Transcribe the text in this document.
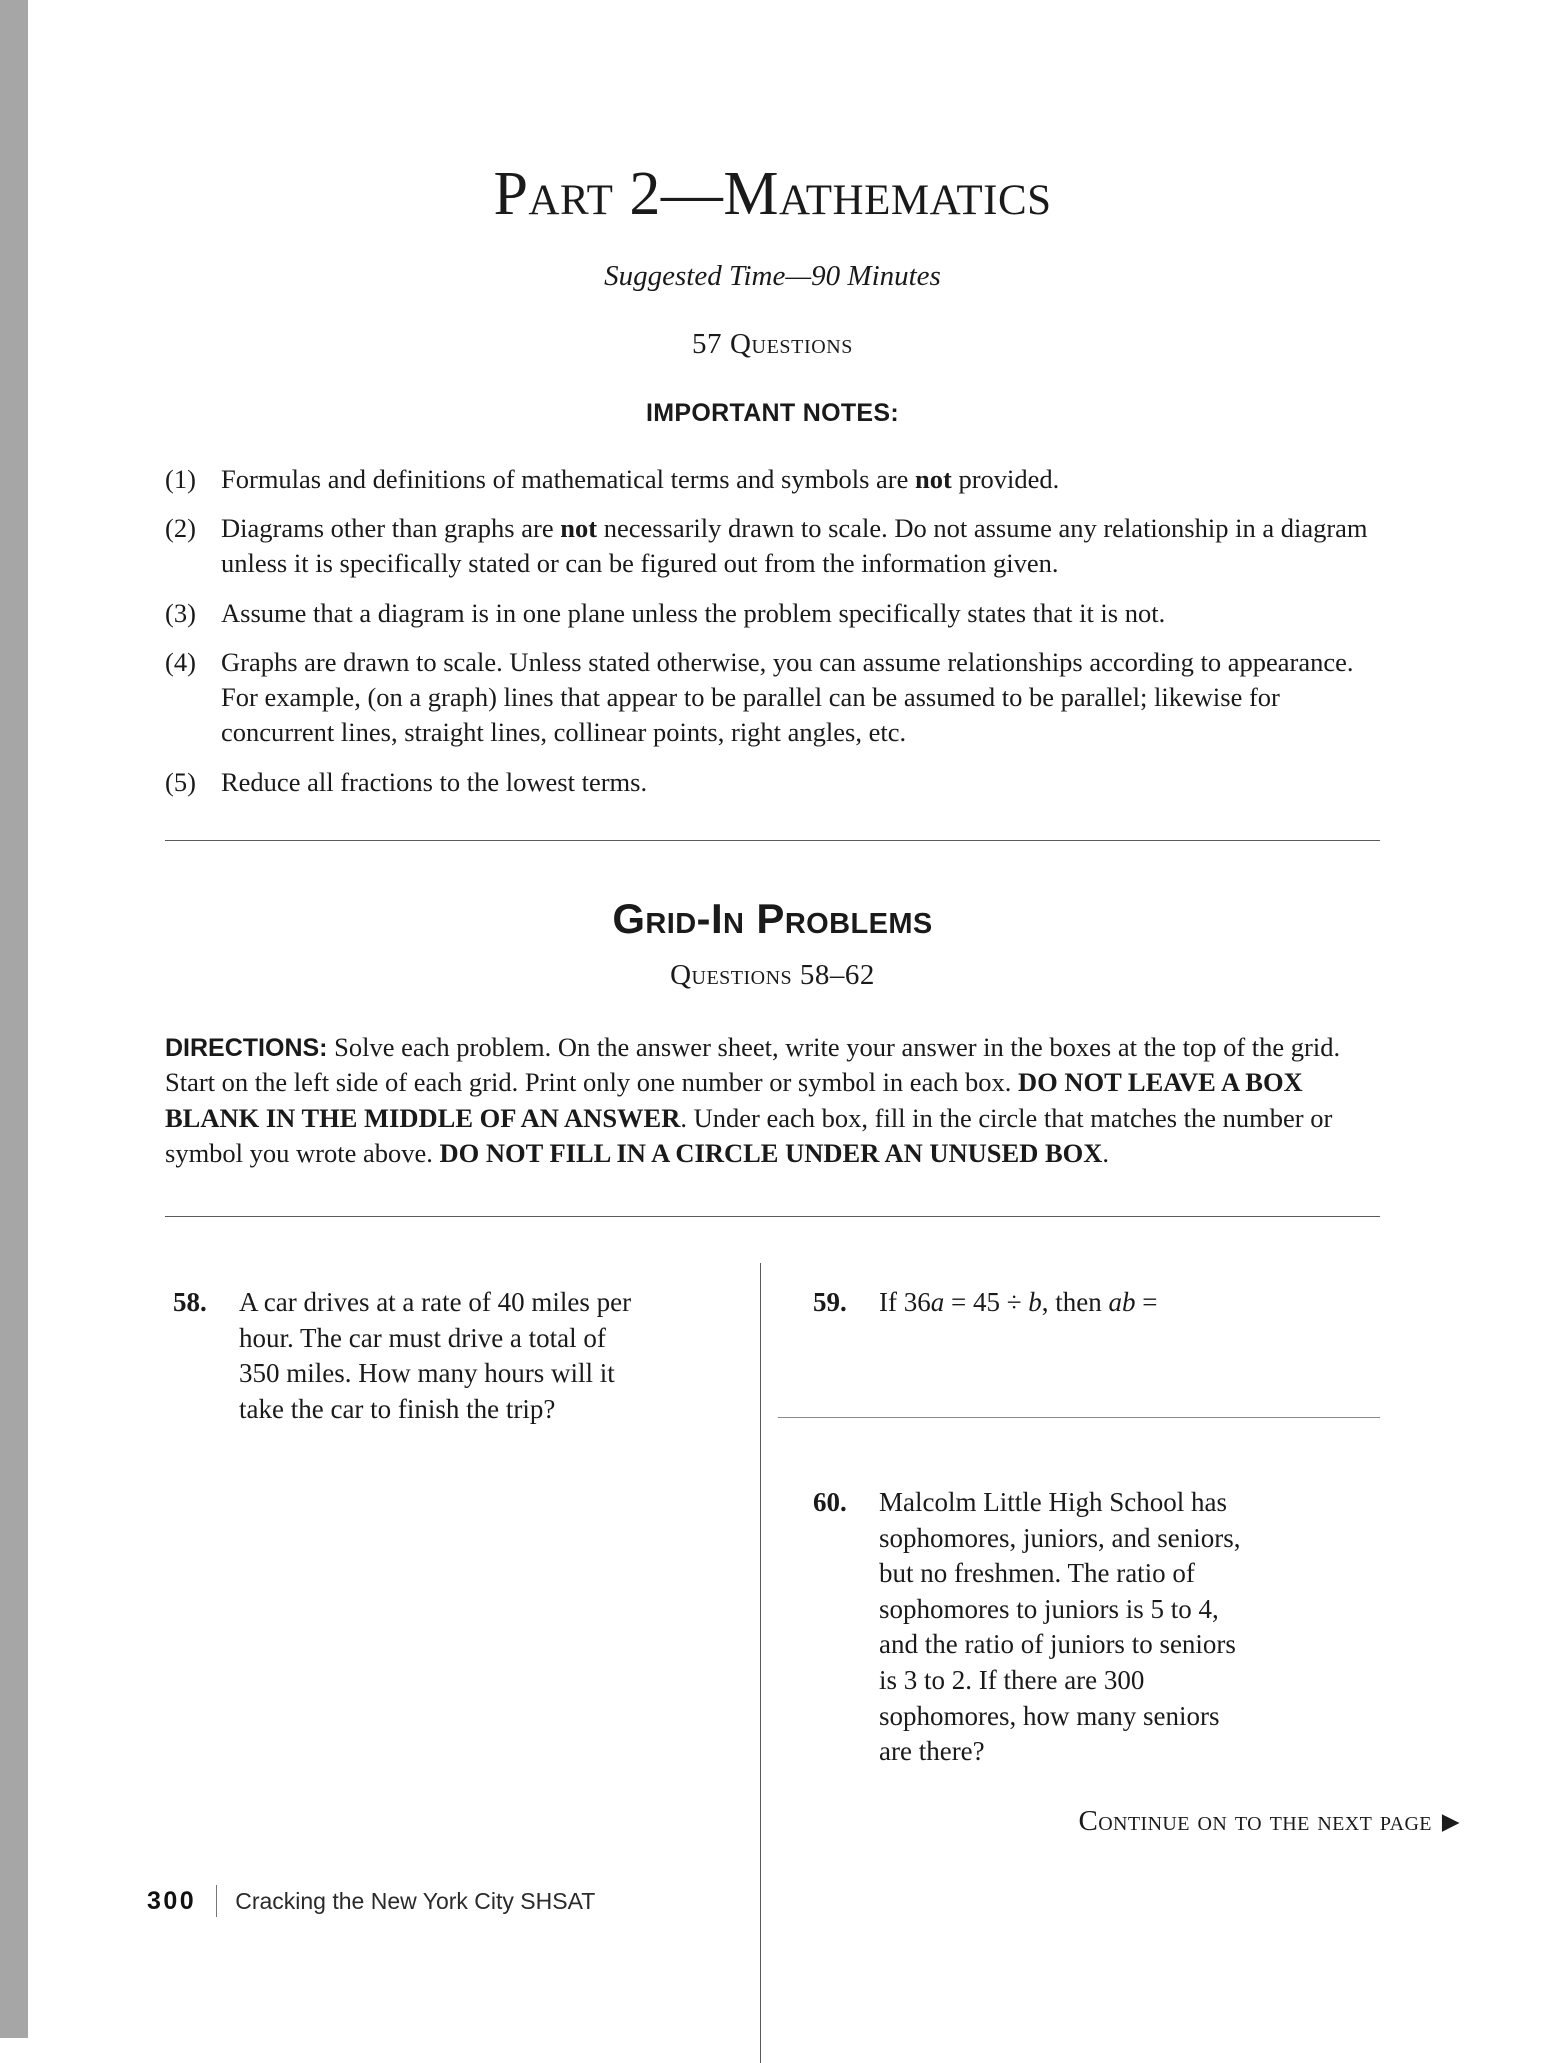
Part 2—Mathematics
Suggested Time—90 Minutes
57 Questions
IMPORTANT NOTES:
(1) Formulas and definitions of mathematical terms and symbols are not provided.
(2) Diagrams other than graphs are not necessarily drawn to scale. Do not assume any relationship in a diagram unless it is specifically stated or can be figured out from the information given.
(3) Assume that a diagram is in one plane unless the problem specifically states that it is not.
(4) Graphs are drawn to scale. Unless stated otherwise, you can assume relationships according to appearance. For example, (on a graph) lines that appear to be parallel can be assumed to be parallel; likewise for concurrent lines, straight lines, collinear points, right angles, etc.
(5) Reduce all fractions to the lowest terms.
Grid-In Problems
Questions 58–62
DIRECTIONS: Solve each problem. On the answer sheet, write your answer in the boxes at the top of the grid. Start on the left side of each grid. Print only one number or symbol in each box. DO NOT LEAVE A BOX BLANK IN THE MIDDLE OF AN ANSWER. Under each box, fill in the circle that matches the number or symbol you wrote above. DO NOT FILL IN A CIRCLE UNDER AN UNUSED BOX.
58.	A car drives at a rate of 40 miles per hour. The car must drive a total of 350 miles. How many hours will it take the car to finish the trip?
59.	If 36a = 45 ÷ b, then ab =
60.	Malcolm Little High School has sophomores, juniors, and seniors, but no freshmen. The ratio of sophomores to juniors is 5 to 4, and the ratio of juniors to seniors is 3 to 2. If there are 300 sophomores, how many seniors are there?
Continue on to the next page ▶
300 Cracking the New York City SHSAT
